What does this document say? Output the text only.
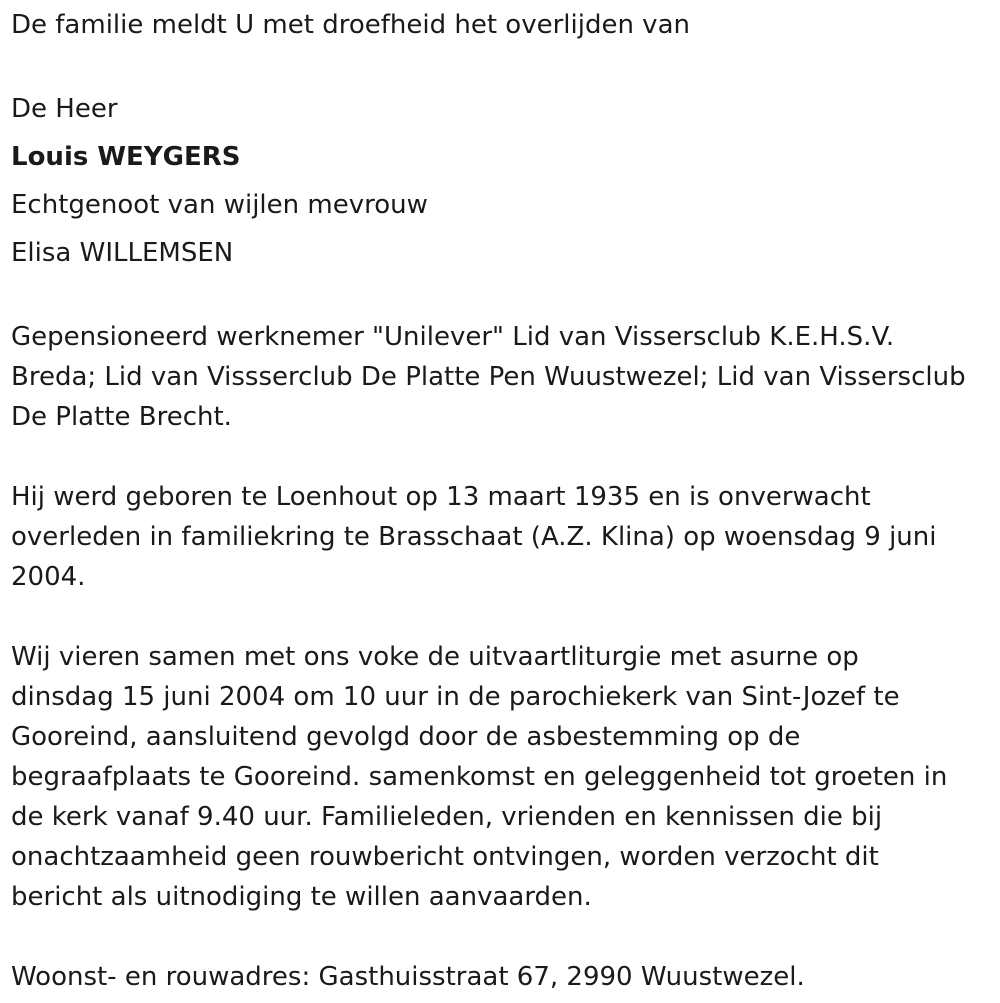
De familie meldt U met droefheid het overlijden van
De Heer
Louis WEYGERS
Echtgenoot van wijlen mevrouw
Elisa WILLEMSEN
Gepensioneerd werknemer "Unilever" Lid van Vissersclub K.E.H.S.V.
Breda; Lid van Vissserclub De Platte Pen Wuustwezel; Lid van Vissersclub
De Platte Brecht.
Hij werd geboren te Loenhout op 13 maart 1935 en is onverwacht
overleden in familiekring te Brasschaat (A.Z. Klina) op woensdag 9 juni
2004.
Wij vieren samen met ons voke de uitvaartliturgie met asurne op
dinsdag 15 juni 2004 om 10 uur in de parochiekerk van Sint-Jozef te
Gooreind, aansluitend gevolgd door de asbestemming op de
begraafplaats te Gooreind. samenkomst en geleggenheid tot groeten in
de kerk vanaf 9.40 uur. Familieleden, vrienden en kennissen die bij
onachtzaamheid geen rouwbericht ontvingen, worden verzocht dit
bericht als uitnodiging te willen aanvaarden.
Woonst- en rouwadres: Gasthuisstraat 67, 2990 Wuustwezel.
